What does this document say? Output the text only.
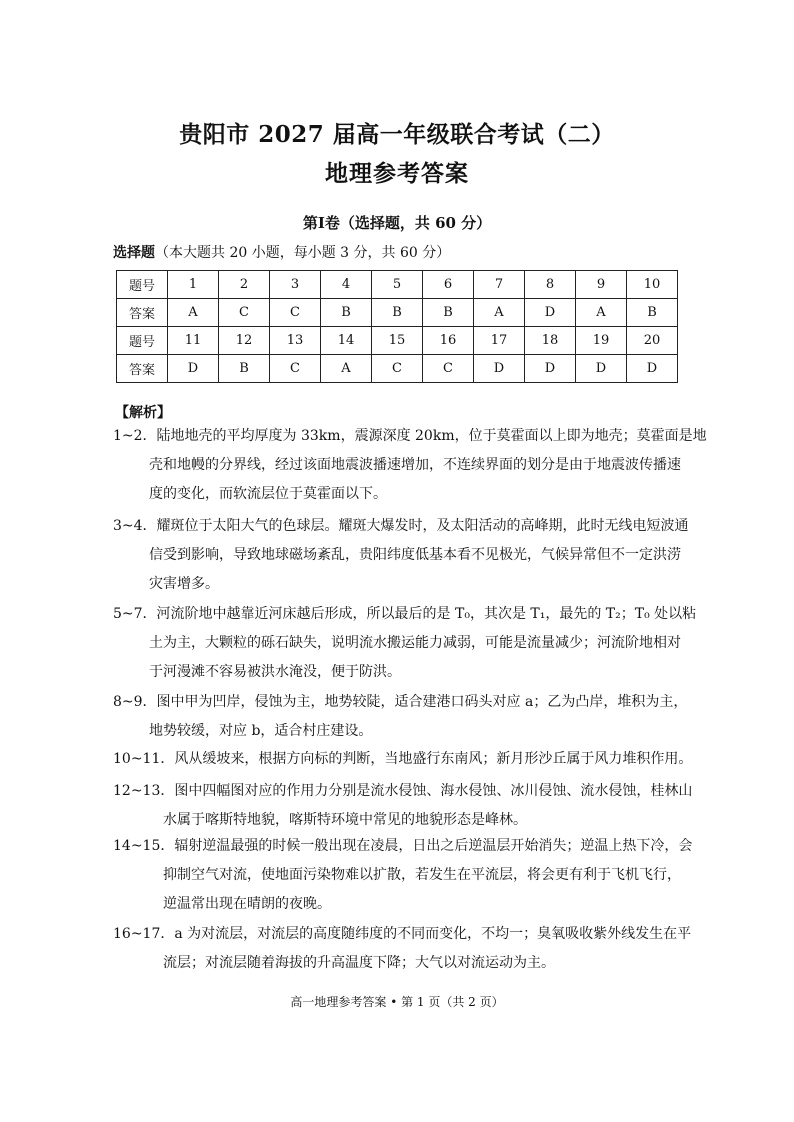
贵阳市 2027 届高一年级联合考试（二）
地理参考答案
第Ⅰ卷（选择题，共 60 分）
选择题（本大题共 20 小题，每小题 3 分，共 60 分）
题号	1	2	3	4	5	6	7	8	9	10
答案	A	C	C	B	B	B	A	D	A	B
题号	11	12	13	14	15	16	17	18	19	20
答案	D	B	C	A	C	C	D	D	D	D
【解析】
1~2．陆地地壳的平均厚度为 33km，震源深度 20km，位于莫霍面以上即为地壳；莫霍面是地
壳和地幔的分界线，经过该面地震波播速增加，不连续界面的划分是由于地震波传播速
度的变化，而软流层位于莫霍面以下。
3~4．耀斑位于太阳大气的色球层。耀斑大爆发时，及太阳活动的高峰期，此时无线电短波通
信受到影响，导致地球磁场紊乱，贵阳纬度低基本看不见极光，气候异常但不一定洪涝
灾害增多。
5~7．河流阶地中越靠近河床越后形成，所以最后的是 T₀，其次是 T₁，最先的 T₂；T₀ 处以粘
土为主，大颗粒的砾石缺失，说明流水搬运能力减弱，可能是流量减少；河流阶地相对
于河漫滩不容易被洪水淹没，便于防洪。
8~9．图中甲为凹岸，侵蚀为主，地势较陡，适合建港口码头对应 a；乙为凸岸，堆积为主，
地势较缓，对应 b，适合村庄建设。
10~11．风从缓坡来，根据方向标的判断，当地盛行东南风；新月形沙丘属于风力堆积作用。
12~13．图中四幅图对应的作用力分别是流水侵蚀、海水侵蚀、冰川侵蚀、流水侵蚀，桂林山
水属于喀斯特地貌，喀斯特环境中常见的地貌形态是峰林。
14~15．辐射逆温最强的时候一般出现在凌晨，日出之后逆温层开始消失；逆温上热下冷，会
抑制空气对流，使地面污染物难以扩散，若发生在平流层，将会更有利于飞机飞行，
逆温常出现在晴朗的夜晚。
16~17．a 为对流层，对流层的高度随纬度的不同而变化，不均一；臭氧吸收紫外线发生在平
流层；对流层随着海拔的升高温度下降；大气以对流运动为主。
高一地理参考答案 • 第 1 页（共 2 页）
